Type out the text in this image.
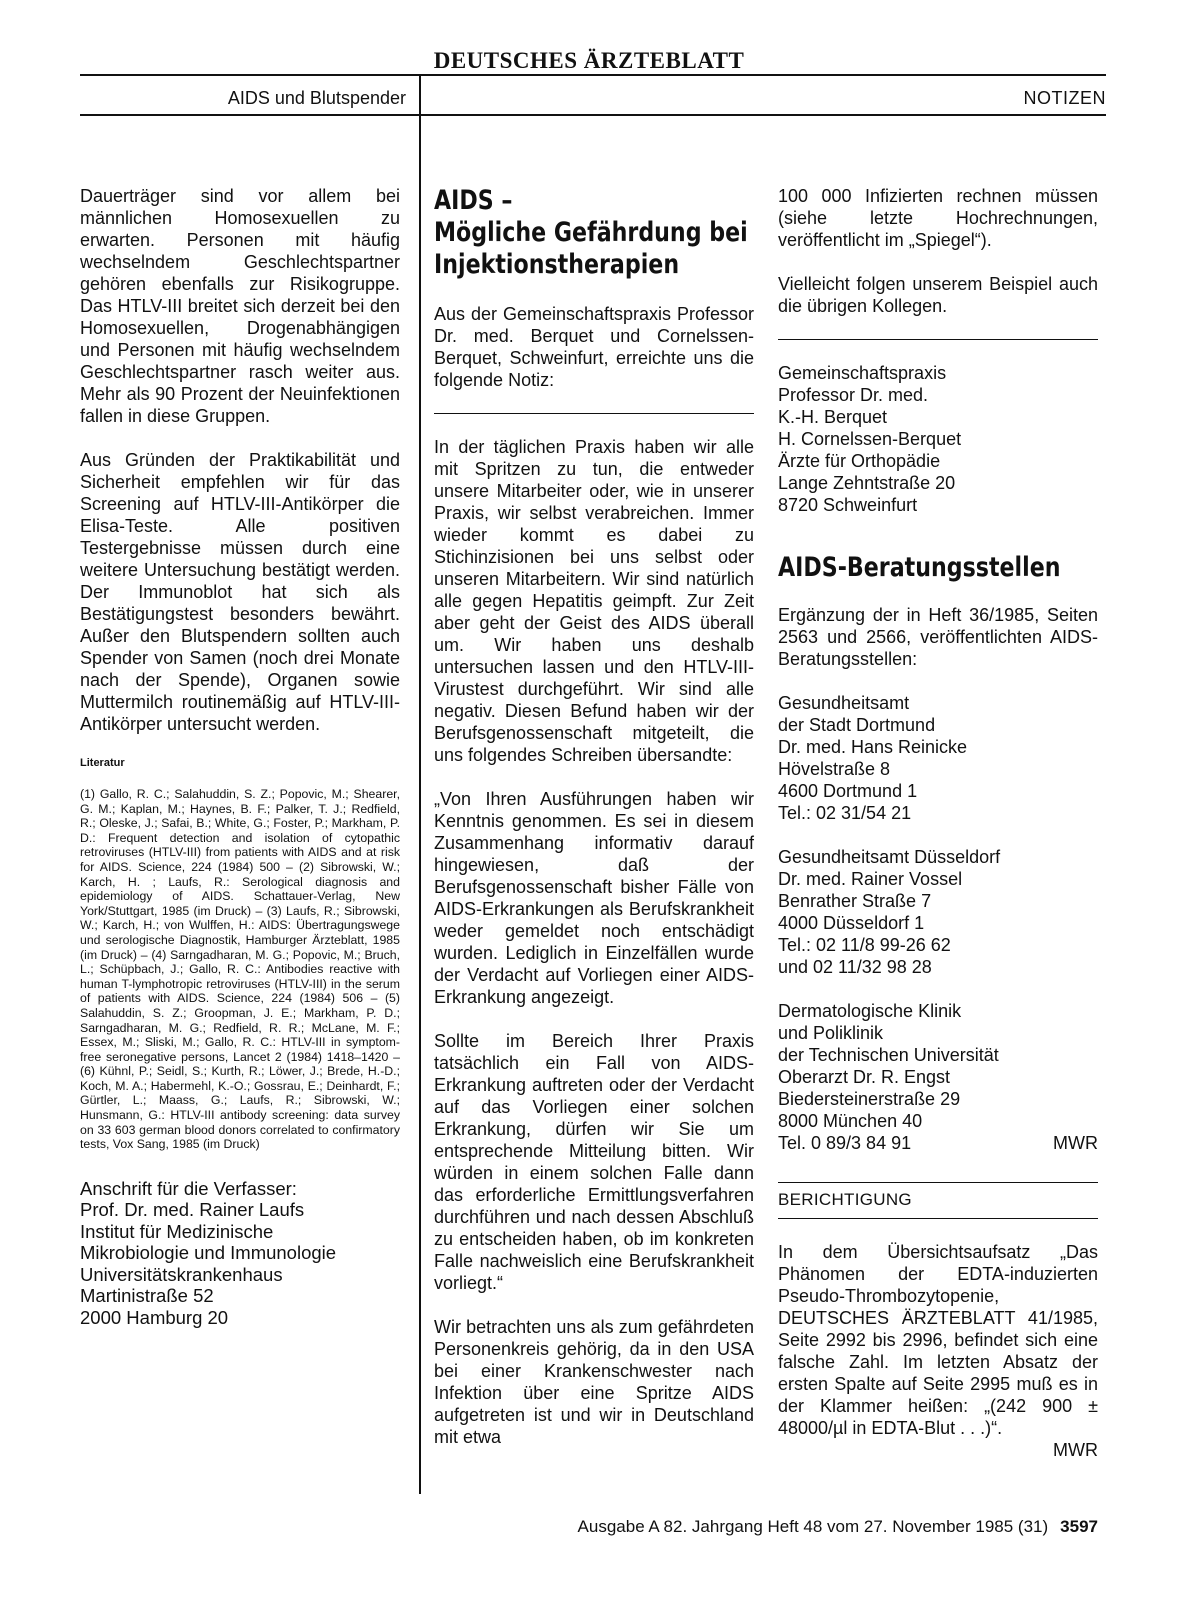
DEUTSCHES ÄRZTEBLATT
AIDS und Blutspender	NOTIZEN

Dauerträger sind vor allem bei männlichen Homosexuellen zu erwarten. Personen mit häufig wechselndem Geschlechtspartner gehören ebenfalls zur Risikogruppe. Das HTLV-III breitet sich derzeit bei den Homosexuellen, Drogenabhängigen und Personen mit häufig wechselndem Geschlechtspartner rasch weiter aus. Mehr als 90 Prozent der Neuinfektionen fallen in diese Gruppen.

Aus Gründen der Praktikabilität und Sicherheit empfehlen wir für das Screening auf HTLV-III-Antikörper die Elisa-Teste. Alle positiven Testergebnisse müssen durch eine weitere Untersuchung bestätigt werden. Der Immunoblot hat sich als Bestätigungstest besonders bewährt. Außer den Blutspendern sollten auch Spender von Samen (noch drei Monate nach der Spende), Organen sowie Muttermilch routinemäßig auf HTLV-III-Antikörper untersucht werden.

Literatur

(1) Gallo, R. C.; Salahuddin, S. Z.; Popovic, M.; Shearer, G. M.; Kaplan, M.; Haynes, B. F.; Palker, T. J.; Redfield, R.; Oleske, J.; Safai, B.; White, G.; Foster, P.; Markham, P. D.: Frequent detection and isolation of cytopathic retroviruses (HTLV-III) from patients with AIDS and at risk for AIDS. Science, 224 (1984) 500 – (2) Sibrowski, W.; Karch, H. ; Laufs, R.: Serological diagnosis and epidemiology of AIDS. Schattauer-Verlag, New York/Stuttgart, 1985 (im Druck) – (3) Laufs, R.; Sibrowski, W.; Karch, H.; von Wulffen, H.: AIDS: Übertragungswege und serologische Diagnostik, Hamburger Ärzteblatt, 1985 (im Druck) – (4) Sarngadharan, M. G.; Popovic, M.; Bruch, L.; Schüpbach, J.; Gallo, R. C.: Antibodies reactive with human T-lymphotropic retroviruses (HTLV-III) in the serum of patients with AIDS. Science, 224 (1984) 506 – (5) Salahuddin, S. Z.; Groopman, J. E.; Markham, P. D.; Sarngadharan, M. G.; Redfield, R. R.; McLane, M. F.; Essex, M.; Sliski, M.; Gallo, R. C.: HTLV-III in symptom-free seronegative persons, Lancet 2 (1984) 1418–1420 – (6) Kühnl, P.; Seidl, S.; Kurth, R.; Löwer, J.; Brede, H.-D.; Koch, M. A.; Habermehl, K.-O.; Gossrau, E.; Deinhardt, F.; Gürtler, L.; Maass, G.; Laufs, R.; Sibrowski, W.; Hunsmann, G.: HTLV-III antibody screening: data survey on 33 603 german blood donors correlated to confirmatory tests, Vox Sang, 1985 (im Druck)

Anschrift für die Verfasser:
Prof. Dr. med. Rainer Laufs
Institut für Medizinische
Mikrobiologie und Immunologie
Universitätskrankenhaus
Martinistraße 52
2000 Hamburg 20
AIDS –
Mögliche Gefährdung bei Injektionstherapien

Aus der Gemeinschaftspraxis Professor Dr. med. Berquet und Cornelssen-Berquet, Schweinfurt, erreichte uns die folgende Notiz:

In der täglichen Praxis haben wir alle mit Spritzen zu tun, die entweder unsere Mitarbeiter oder, wie in unserer Praxis, wir selbst verabreichen. Immer wieder kommt es dabei zu Stichinzisionen bei uns selbst oder unseren Mitarbeitern. Wir sind natürlich alle gegen Hepatitis geimpft. Zur Zeit aber geht der Geist des AIDS überall um. Wir haben uns deshalb untersuchen lassen und den HTLV-III-Virustest durchgeführt. Wir sind alle negativ. Diesen Befund haben wir der Berufsgenossenschaft mitgeteilt, die uns folgendes Schreiben übersandte:

„Von Ihren Ausführungen haben wir Kenntnis genommen. Es sei in diesem Zusammenhang informativ darauf hingewiesen, daß der Berufsgenossenschaft bisher Fälle von AIDS-Erkrankungen als Berufskrankheit weder gemeldet noch entschädigt wurden. Lediglich in Einzelfällen wurde der Verdacht auf Vorliegen einer AIDS-Erkrankung angezeigt.

Sollte im Bereich Ihrer Praxis tatsächlich ein Fall von AIDS-Erkrankung auftreten oder der Verdacht auf das Vorliegen einer solchen Erkrankung, dürfen wir Sie um entsprechende Mitteilung bitten. Wir würden in einem solchen Falle dann das erforderliche Ermittlungsverfahren durchführen und nach dessen Abschluß zu entscheiden haben, ob im konkreten Falle nachweislich eine Berufskrankheit vorliegt.“

Wir betrachten uns als zum gefährdeten Personenkreis gehörig, da in den USA bei einer Krankenschwester nach Infektion über eine Spritze AIDS aufgetreten ist und wir in Deutschland mit etwa

100 000 Infizierten rechnen müssen (siehe letzte Hochrechnungen, veröffentlicht im „Spiegel“).

Vielleicht folgen unserem Beispiel auch die übrigen Kollegen.

Gemeinschaftspraxis
Professor Dr. med.
K.-H. Berquet
H. Cornelssen-Berquet
Ärzte für Orthopädie
Lange Zehntstraße 20
8720 Schweinfurt
AIDS-Beratungsstellen

Ergänzung der in Heft 36/1985, Seiten 2563 und 2566, veröffentlichten AIDS-Beratungsstellen:

Gesundheitsamt
der Stadt Dortmund
Dr. med. Hans Reinicke
Hövelstraße 8
4600 Dortmund 1
Tel.: 02 31/54 21
Gesundheitsamt Düsseldorf
Dr. med. Rainer Vossel
Benrather Straße 7
4000 Düsseldorf 1
Tel.: 02 11/8 99-26 62
und 02 11/32 98 28
Dermatologische Klinik
und Poliklinik
der Technischen Universität
Oberarzt Dr. R. Engst
Biedersteinerstraße 29
8000 München 40
Tel. 0 89/3 84 91	MWR
BERICHTIGUNG

In dem Übersichtsaufsatz „Das Phänomen der EDTA-induzierten Pseudo-Thrombozytopenie, DEUTSCHES ÄRZTEBLATT 41/1985, Seite 2992 bis 2996, befindet sich eine falsche Zahl. Im letzten Absatz der ersten Spalte auf Seite 2995 muß es in der Klammer heißen: „(242 900 ± 48000/µl in EDTA-Blut . . .)“.

MWR
Ausgabe A 82. Jahrgang Heft 48 vom 27. November 1985 (31) 3597
